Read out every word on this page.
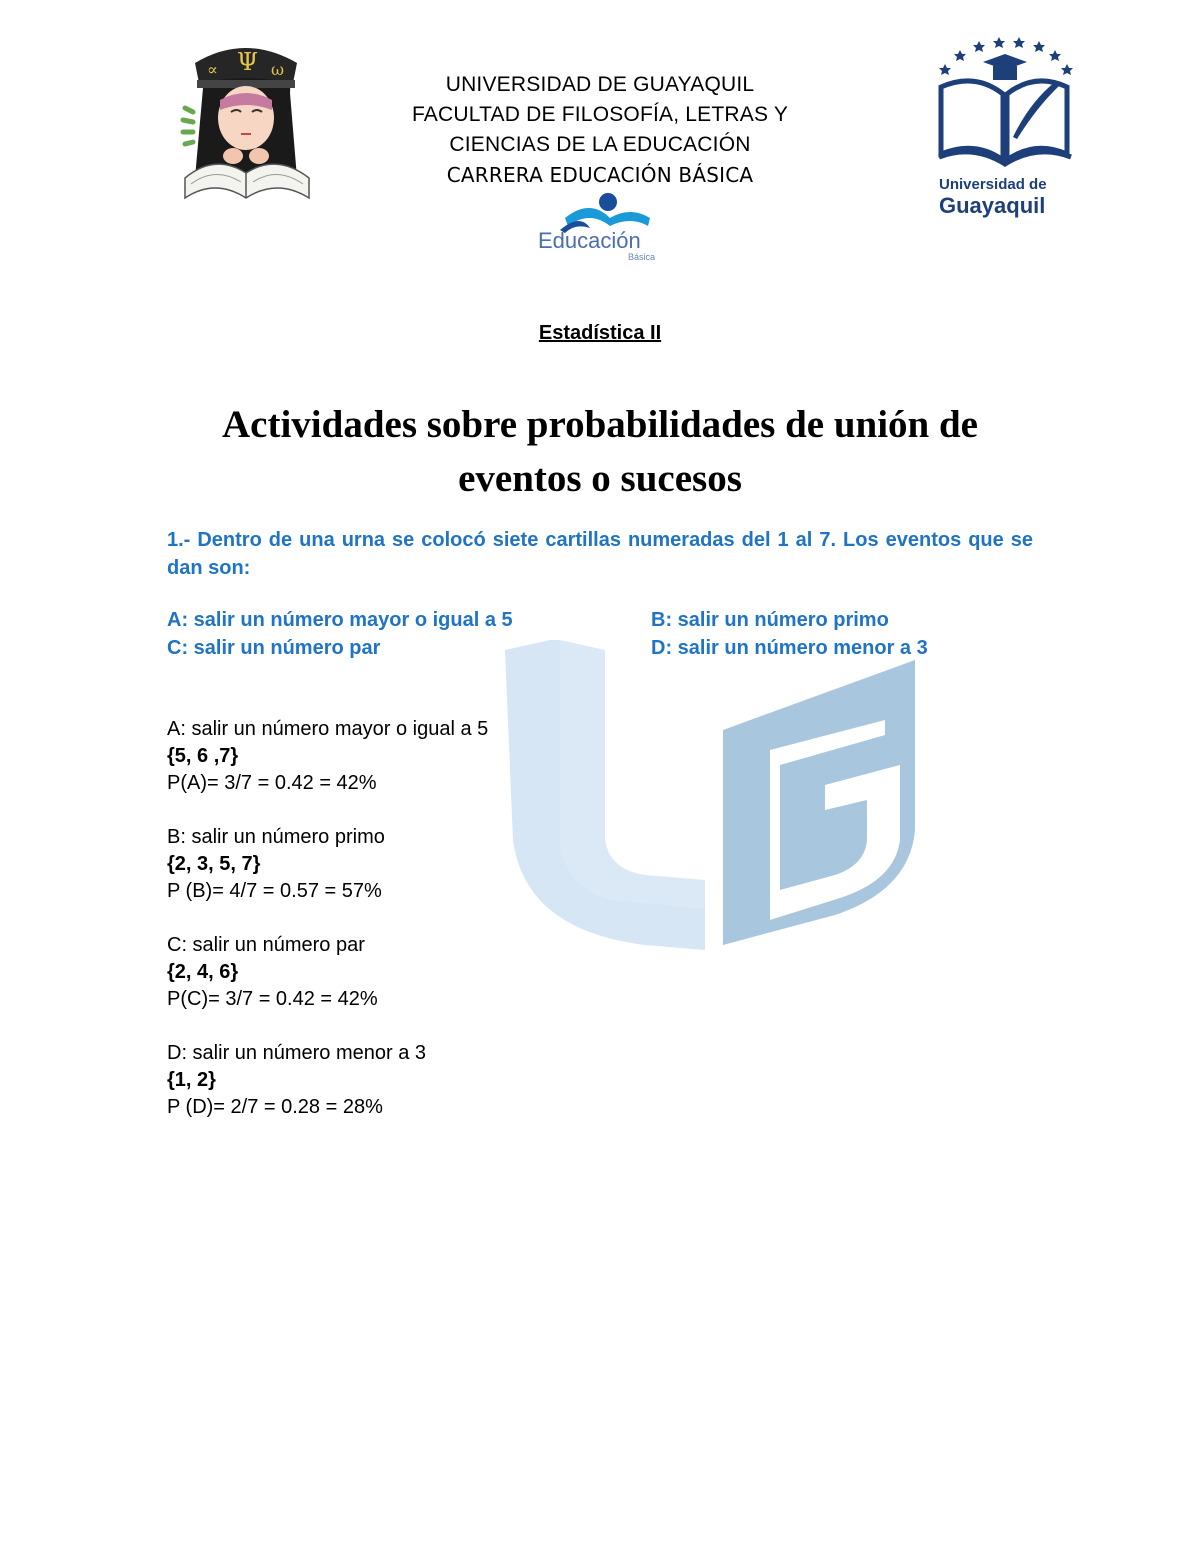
∝ Ψ ω
UNIVERSIDAD DE GUAYAQUIL
FACULTAD DE FILOSOFÍA, LETRAS Y
CIENCIAS DE LA EDUCACIÓN
CARRERA EDUCACIÓN BÁSICA
Educación
Básica
Universidad de
Guayaquil
Estadística II
Actividades sobre probabilidades de unión de
eventos o sucesos
1.- Dentro de una urna se colocó siete cartillas numeradas del 1 al 7. Los eventos que se dan son:
A: salir un número mayor o igual a 5	B: salir un número primo
C: salir un número par	D: salir un número menor a 3
A: salir un número mayor o igual a 5
{5, 6 ,7}
P(A)= 3/7 = 0.42 = 42%
B: salir un número primo
{2, 3, 5, 7}
P (B)= 4/7 = 0.57 = 57%
C: salir un número par
{2, 4, 6}
P(C)= 3/7 = 0.42 = 42%
D: salir un número menor a 3
{1, 2}
P (D)= 2/7 = 0.28 = 28%
